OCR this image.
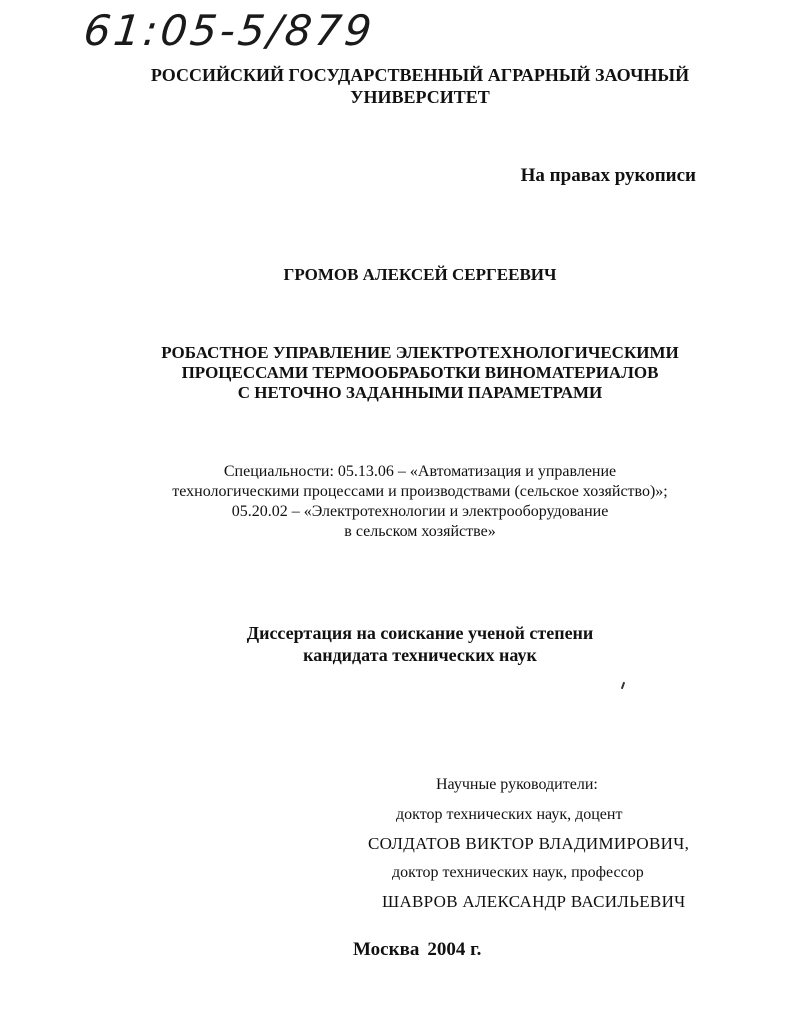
61:05-5/879
РОССИЙСКИЙ ГОСУДАРСТВЕННЫЙ АГРАРНЫЙ ЗАОЧНЫЙ
УНИВЕРСИТЕТ
На правах рукописи
ГРОМОВ АЛЕКСЕЙ СЕРГЕЕВИЧ
РОБАСТНОЕ УПРАВЛЕНИЕ ЭЛЕКТРОТЕХНОЛОГИЧЕСКИМИ
ПРОЦЕССАМИ ТЕРМООБРАБОТКИ ВИНОМАТЕРИАЛОВ
С НЕТОЧНО ЗАДАННЫМИ ПАРАМЕТРАМИ
Специальности: 05.13.06 – «Автоматизация и управление
технологическими процессами и производствами (сельское хозяйство)»;
05.20.02 – «Электротехнологии и электрооборудование
в сельском хозяйстве»
Диссертация на соискание ученой степени
кандидата технических наук
Научные руководители:
доктор технических наук, доцент
СОЛДАТОВ ВИКТОР ВЛАДИМИРОВИЧ,
доктор технических наук, профессор
ШАВРОВ АЛЕКСАНДР ВАСИЛЬЕВИЧ
Москва 2004 г.
